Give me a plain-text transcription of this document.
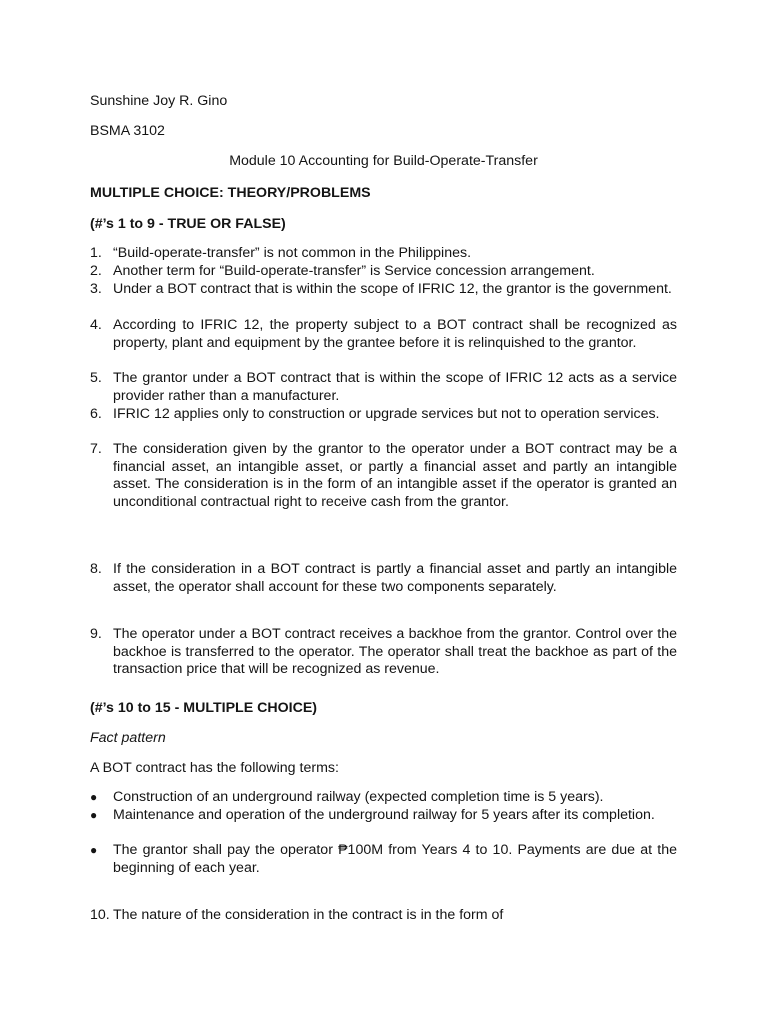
Sunshine Joy R. Gino

BSMA 3102

Module 10 Accounting for Build-Operate-Transfer

MULTIPLE CHOICE: THEORY/PROBLEMS

(#’s 1 to 9 - TRUE OR FALSE)

1. “Build-operate-transfer” is not common in the Philippines.
2. Another term for “Build-operate-transfer” is Service concession arrangement.
3. Under a BOT contract that is within the scope of IFRIC 12, the grantor is the government.
4. According to IFRIC 12, the property subject to a BOT contract shall be recognized as property, plant and equipment by the grantee before it is relinquished to the grantor.
5. The grantor under a BOT contract that is within the scope of IFRIC 12 acts as a service provider rather than a manufacturer.
6. IFRIC 12 applies only to construction or upgrade services but not to operation services.
7. The consideration given by the grantor to the operator under a BOT contract may be a financial asset, an intangible asset, or partly a financial asset and partly an intangible asset. The consideration is in the form of an intangible asset if the operator is granted an unconditional contractual right to receive cash from the grantor.
8. If the consideration in a BOT contract is partly a financial asset and partly an intangible asset, the operator shall account for these two components separately.
9. The operator under a BOT contract receives a backhoe from the grantor. Control over the backhoe is transferred to the operator. The operator shall treat the backhoe as part of the transaction price that will be recognized as revenue.

(#’s 10 to 15 - MULTIPLE CHOICE)

Fact pattern

A BOT contract has the following terms:

● Construction of an underground railway (expected completion time is 5 years).
● Maintenance and operation of the underground railway for 5 years after its completion.
● The grantor shall pay the operator ₱100M from Years 4 to 10. Payments are due at the beginning of each year.
10. The nature of the consideration in the contract is in the form of
